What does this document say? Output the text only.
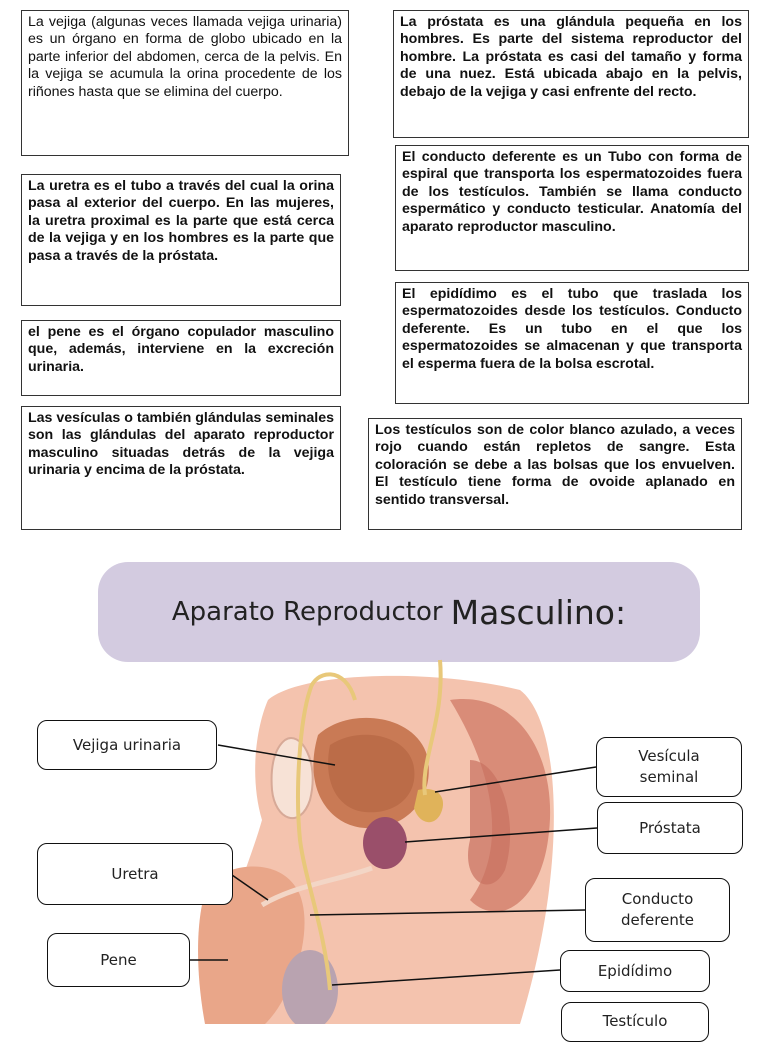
La vejiga (algunas veces llamada vejiga urinaria) es un órgano en forma de globo ubicado en la parte inferior del abdomen, cerca de la pelvis. En la vejiga se acumula la orina procedente de los riñones hasta que se elimina del cuerpo.
La próstata es una glándula pequeña en los hombres. Es parte del sistema reproductor del hombre. La próstata es casi del tamaño y forma de una nuez. Está ubicada abajo en la pelvis, debajo de la vejiga y casi enfrente del recto.
La uretra es el tubo a través del cual la orina pasa al exterior del cuerpo. En las mujeres, la uretra proximal es la parte que está cerca de la vejiga y en los hombres es la parte que pasa a través de la próstata.
El conducto deferente es un Tubo con forma de espiral que transporta los espermatozoides fuera de los testículos. También se llama conducto espermático y conducto testicular. Anatomía del aparato reproductor masculino.
El epidídimo es el tubo que traslada los espermatozoides desde los testículos. Conducto deferente. Es un tubo en el que los espermatozoides se almacenan y que transporta el esperma fuera de la bolsa escrotal.
el pene es el órgano copulador masculino que, además, interviene en la excreción urinaria.
Las vesículas o también glándulas seminales son las glándulas del aparato reproductor masculino situadas detrás de la vejiga urinaria y encima de la próstata.
Los testículos son de color blanco azulado, a veces rojo cuando están repletos de sangre. Esta coloración se debe a las bolsas que los envuelven. El testículo tiene forma de ovoide aplanado en sentido transversal.
Aparato Reproductor Masculino:
Vejiga urinaria
Uretra
Pene
Vesícula seminal
Próstata
Conducto deferente
Epidídimo
Testículo
